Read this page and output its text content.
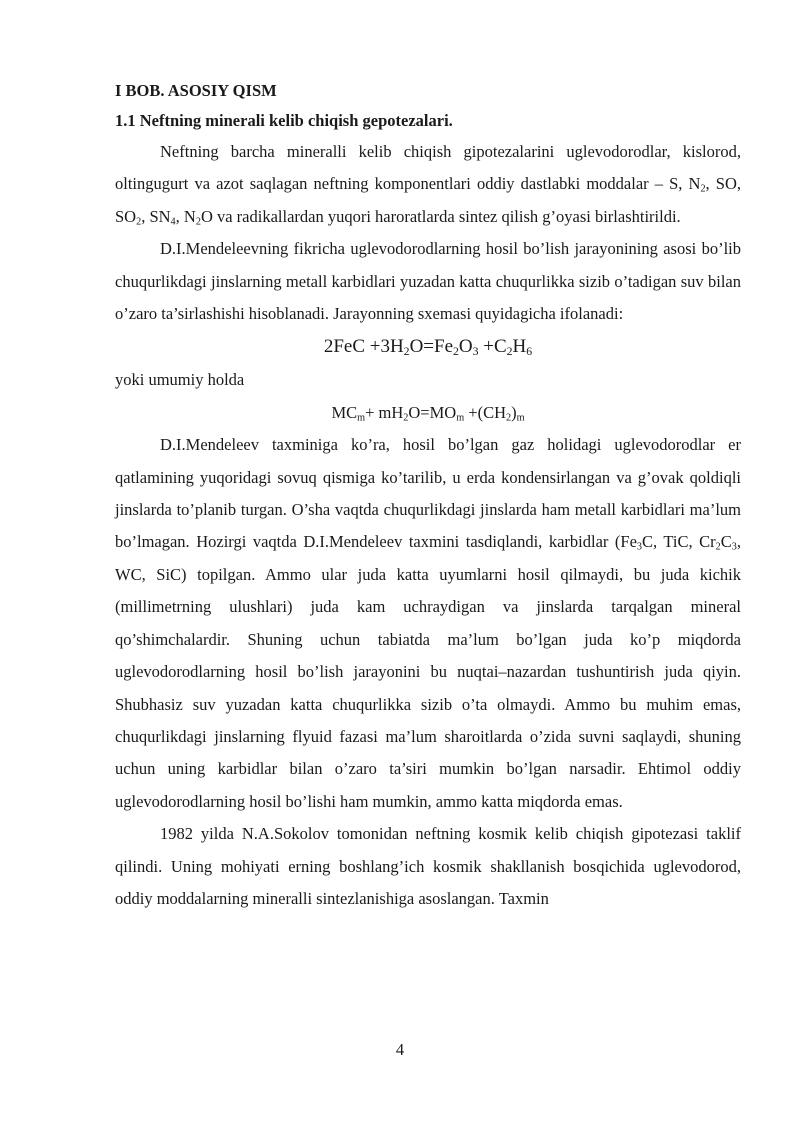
I BOB. ASOSIY QISM

1.1 Neftning minerali kelib chiqish gepotezalari.

Neftning barcha mineralli kelib chiqish gipotezalarini uglevodorodlar, kislorod, oltingugurt va azot saqlagan neftning komponentlari oddiy dastlabki moddalar – S, $N_2$, SO, $SO_2$, $SN_4$, $N_2O$ va radikallardan yuqori haroratlarda sintez qilish g’oyasi birlashtirildi.

D.I.Mendeleevning fikricha uglevodorodlarning hosil bo’lish jarayonining asosi bo’lib chuqurlikdagi jinslarning metall karbidlari yuzadan katta chuqurlikka sizib o’tadigan suv bilan o’zaro ta’sirlashishi hisoblanadi. Jarayonning sxemasi quyidagicha ifolanadi:

$2FeC +3H_2O=Fe_2O_3 +C_2H_6$

yoki umumiy holda

$MC_m+ mH_2O=MO_m +(CH_2)_m$

D.I.Mendeleev taxminiga ko’ra, hosil bo’lgan gaz holidagi uglevodorodlar er qatlamining yuqoridagi sovuq qismiga ko’tarilib, u erda kondensirlangan va g’ovak qoldiqli jinslarda to’planib turgan. O’sha vaqtda chuqurlikdagi jinslarda ham metall karbidlari ma’lum bo’lmagan. Hozirgi vaqtda D.I.Mendeleev taxmini tasdiqlandi, karbidlar ($Fe_3C$, TiC, $Cr_2C_3$, WC, SiC) topilgan. Ammo ular juda katta uyumlarni hosil qilmaydi, bu juda kichik (millimetrning ulushlari) juda kam uchraydigan va jinslarda tarqalgan mineral qo’shimchalardir. Shuning uchun tabiatda ma’lum bo’lgan juda ko’p miqdorda uglevodorodlarning hosil bo’lish jarayonini bu nuqtai–nazardan tushuntirish juda qiyin. Shubhasiz suv yuzadan katta chuqurlikka sizib o’ta olmaydi. Ammo bu muhim emas, chuqurlikdagi jinslarning flyuid fazasi ma’lum sharoitlarda o’zida suvni saqlaydi, shuning uchun uning karbidlar bilan o’zaro ta’siri mumkin bo’lgan narsadir. Ehtimol oddiy uglevodorodlarning hosil bo’lishi ham mumkin, ammo katta miqdorda emas.

1982 yilda N.A.Sokolov tomonidan neftning kosmik kelib chiqish gipotezasi taklif qilindi. Uning mohiyati erning boshlang’ich kosmik shakllanish bosqichida uglevodorod, oddiy moddalarning mineralli sintezlanishiga asoslangan. Taxmin

4
